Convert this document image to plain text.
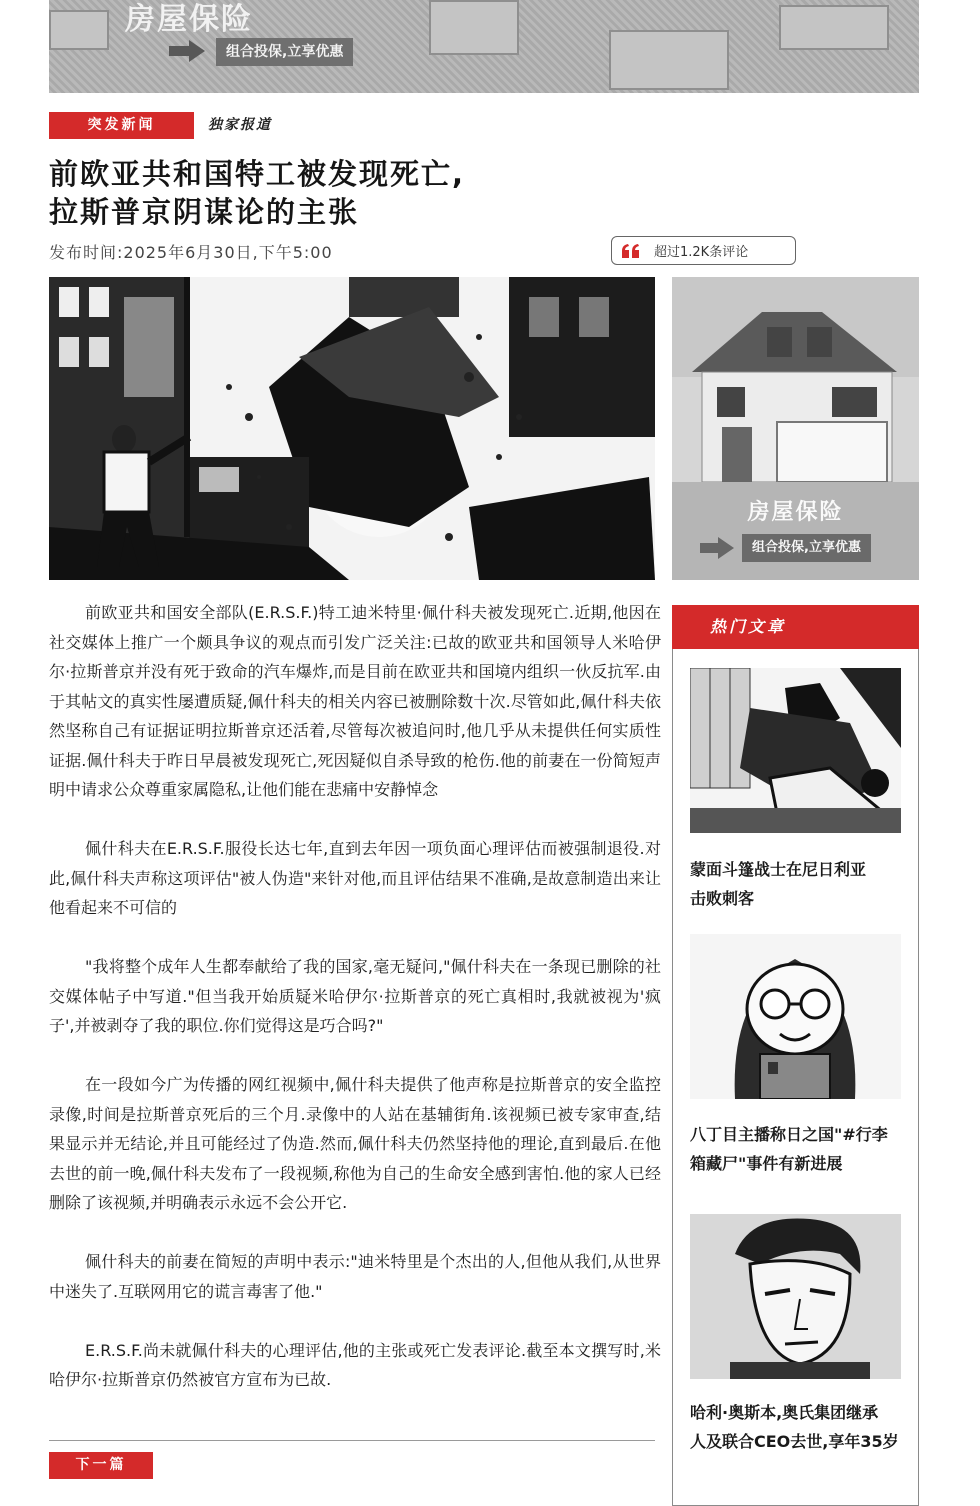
房屋保险
组合投保,立享优惠
突发新闻	独家报道
前欧亚共和国特工被发现死亡,
拉斯普京阴谋论的主张
发布时间:2025年6月30日,下午5:00	超过1.2K条评论
房屋保险
组合投保,立享优惠

前欧亚共和国安全部队(E.R.S.F.)特工迪米特里·佩什科夫被发现死亡.近期,他因在社交媒体上推广一个颇具争议的观点而引发广泛关注:已故的欧亚共和国领导人米哈伊尔·拉斯普京并没有死于致命的汽车爆炸,而是目前在欧亚共和国境内组织一伙反抗军.由于其帖文的真实性屡遭质疑,佩什科夫的相关内容已被删除数十次.尽管如此,佩什科夫依然坚称自己有证据证明拉斯普京还活着,尽管每次被追问时,他几乎从未提供任何实质性证据.佩什科夫于昨日早晨被发现死亡,死因疑似自杀导致的枪伤.他的前妻在一份简短声明中请求公众尊重家属隐私,让他们能在悲痛中安静悼念

佩什科夫在E.R.S.F.服役长达七年,直到去年因一项负面心理评估而被强制退役.对此,佩什科夫声称这项评估"被人伪造"来针对他,而且评估结果不准确,是故意制造出来让他看起来不可信的

"我将整个成年人生都奉献给了我的国家,毫无疑问,"佩什科夫在一条现已删除的社交媒体帖子中写道."但当我开始质疑米哈伊尔·拉斯普京的死亡真相时,我就被视为'疯子',并被剥夺了我的职位.你们觉得这是巧合吗?"

在一段如今广为传播的网红视频中,佩什科夫提供了他声称是拉斯普京的安全监控录像,时间是拉斯普京死后的三个月.录像中的人站在基辅街角.该视频已被专家审查,结果显示并无结论,并且可能经过了伪造.然而,佩什科夫仍然坚持他的理论,直到最后.在他去世的前一晚,佩什科夫发布了一段视频,称他为自己的生命安全感到害怕.他的家人已经删除了该视频,并明确表示永远不会公开它.

佩什科夫的前妻在简短的声明中表示:"迪米特里是个杰出的人,但他从我们,从世界中迷失了.互联网用它的谎言毒害了他."

E.R.S.F.尚未就佩什科夫的心理评估,他的主张或死亡发表评论.截至本文撰写时,米哈伊尔·拉斯普京仍然被官方宣布为已故.

下一篇
热门文章
蒙面斗篷战士在尼日利亚
击败刺客
八丁目主播称日之国"#行李
箱藏尸"事件有新进展
哈利·奥斯本,奥氏集团继承
人及联合CEO去世,享年35岁
